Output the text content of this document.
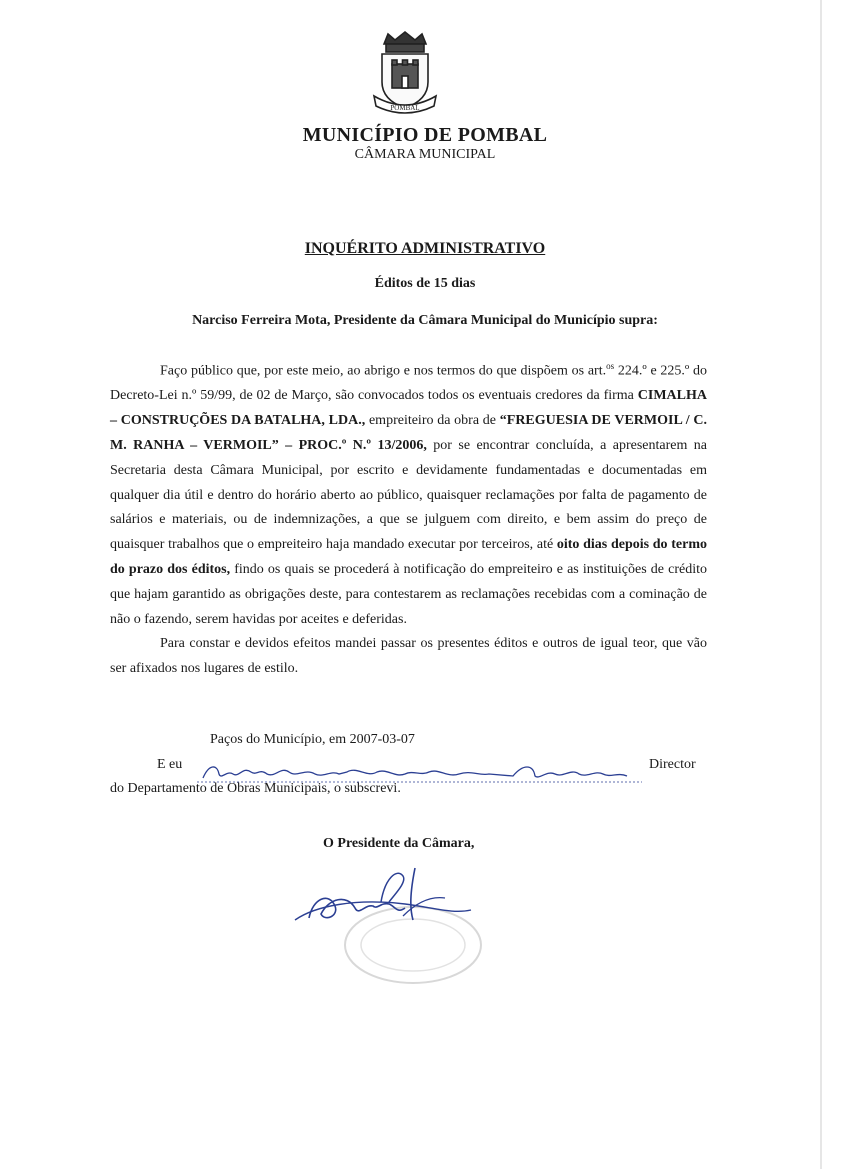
POMBAL
MUNICÍPIO DE POMBAL
CÂMARA MUNICIPAL
INQUÉRITO ADMINISTRATIVO
Éditos de 15 dias
Narciso Ferreira Mota, Presidente da Câmara Municipal do Município supra:

Faço público que, por este meio, ao abrigo e nos termos do que dispõem os art.$^{os}$ 224.º e 225.º do Decreto-Lei n.º 59/99, de 02 de Março, são convocados todos os eventuais credores da firma CIMALHA – CONSTRUÇÕES DA BATALHA, LDA., empreiteiro da obra de “FREGUESIA DE VERMOIL / C. M. RANHA – VERMOIL” – PROC.º N.º 13/2006, por se encontrar concluída, a apresentarem na Secretaria desta Câmara Municipal, por escrito e devidamente fundamentadas e documentadas em qualquer dia útil e dentro do horário aberto ao público, quaisquer reclamações por falta de pagamento de salários e materiais, ou de indemnizações, a que se julguem com direito, e bem assim do preço de quaisquer trabalhos que o empreiteiro haja mandado executar por terceiros, até oito dias depois do termo do prazo dos éditos, findo os quais se procederá à notificação do empreiteiro e as instituições de crédito que hajam garantido as obrigações deste, para contestarem as reclamações recebidas com a cominação de não o fazendo, serem havidas por aceites e deferidas.

Para constar e devidos efeitos mandei passar os presentes éditos e outros de igual teor, que vão ser afixados nos lugares de estilo.

Paços do Município, em 2007-03-07
E eu	Director
do Departamento de Obras Municipais, o subscrevi.
O Presidente da Câmara,
